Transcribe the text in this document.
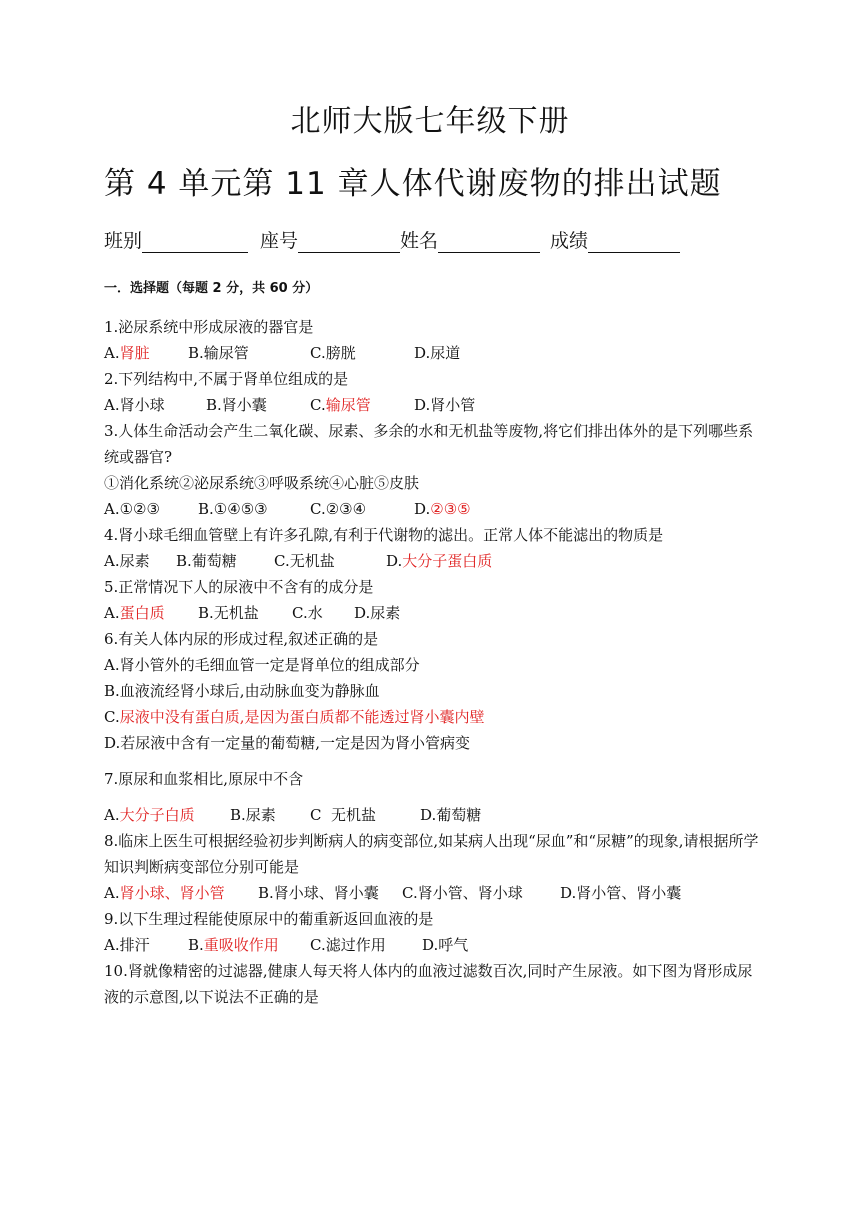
北师大版七年级下册
第 4 单元第 11 章人体代谢废物的排出试题
班别	座号	姓名	成绩
一．选择题（每题 2 分，共 60 分）
1.泌尿系统中形成尿液的器官是
A.肾脏	B.输尿管	C.膀胱	D.尿道
2.下列结构中,不属于肾单位组成的是
A.肾小球	B.肾小囊	C.输尿管	D.肾小管
3.人体生命活动会产生二氧化碳、尿素、多余的水和无机盐等废物,将它们排出体外的是下列哪些系统或器官?
①消化系统②泌尿系统③呼吸系统④心脏⑤皮肤
A.①②③	B.①④⑤③	C.②③④	D.②③⑤
4.肾小球毛细血管壁上有许多孔隙,有利于代谢物的滤出。正常人体不能滤出的物质是
A.尿素 B.葡萄糖 C.无机盐	D.大分子蛋白质
5.正常情况下人的尿液中不含有的成分是
A.蛋白质 B.无机盐 C.水 D.尿素
6.有关人体内尿的形成过程,叙述正确的是
A.肾小管外的毛细血管一定是肾单位的组成部分
B.血液流经肾小球后,由动脉血变为静脉血
C.尿液中没有蛋白质,是因为蛋白质都不能透过肾小囊内壁
D.若尿液中含有一定量的葡萄糖,一定是因为肾小管病变
7.原尿和血浆相比,原尿中不含
A.大分子白质 B.尿素 C 无机盐	D.葡萄糖
8.临床上医生可根据经验初步判断病人的病变部位,如某病人出现“尿血”和“尿糖”的现象,请根据所学知识判断病变部位分别可能是
A.肾小球、肾小管 B.肾小球、肾小囊 C.肾小管、肾小球 D.肾小管、肾小囊
9.以下生理过程能使原尿中的葡重新返回血液的是
A.排汗	B.重吸收作用 C.滤过作用 D.呼气
10.肾就像精密的过滤器,健康人每天将人体内的血液过滤数百次,同时产生尿液。如下图为肾形成尿液的示意图,以下说法不正确的是
